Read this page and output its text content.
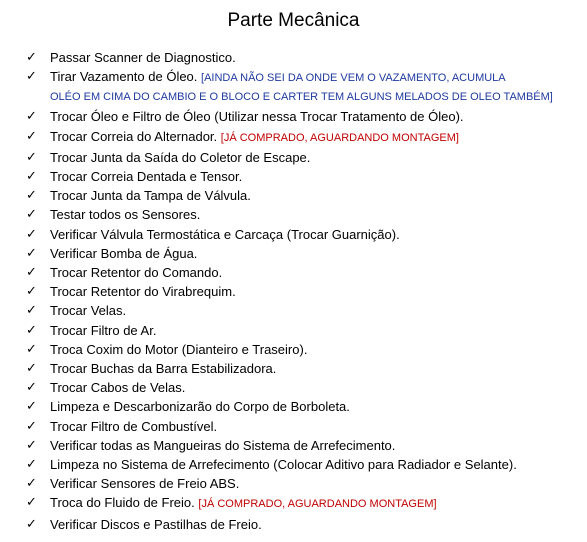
Parte Mecânica
✓ Passar Scanner de Diagnostico.
✓ Tirar Vazamento de Óleo. [AINDA NÃO SEI DA ONDE VEM O VAZAMENTO, ACUMULA
OLÉO EM CIMA DO CAMBIO E O BLOCO E CARTER TEM ALGUNS MELADOS DE OLEO TAMBÉM]
✓ Trocar Óleo e Filtro de Óleo (Utilizar nessa Trocar Tratamento de Óleo).
✓ Trocar Correia do Alternador. [JÁ COMPRADO, AGUARDANDO MONTAGEM]
✓ Trocar Junta da Saída do Coletor de Escape.
✓ Trocar Correia Dentada e Tensor.
✓ Trocar Junta da Tampa de Válvula.
✓ Testar todos os Sensores.
✓ Verificar Válvula Termostática e Carcaça (Trocar Guarnição).
✓ Verificar Bomba de Água.
✓ Trocar Retentor do Comando.
✓ Trocar Retentor do Virabrequim.
✓ Trocar Velas.
✓ Trocar Filtro de Ar.
✓ Troca Coxim do Motor (Dianteiro e Traseiro).
✓ Trocar Buchas da Barra Estabilizadora.
✓ Trocar Cabos de Velas.
✓ Limpeza e Descarbonizarão do Corpo de Borboleta.
✓ Trocar Filtro de Combustível.
✓ Verificar todas as Mangueiras do Sistema de Arrefecimento.
✓ Limpeza no Sistema de Arrefecimento (Colocar Aditivo para Radiador e Selante).
✓ Verificar Sensores de Freio ABS.
✓ Troca do Fluido de Freio. [JÁ COMPRADO, AGUARDANDO MONTAGEM]
✓ Verificar Discos e Pastilhas de Freio.
